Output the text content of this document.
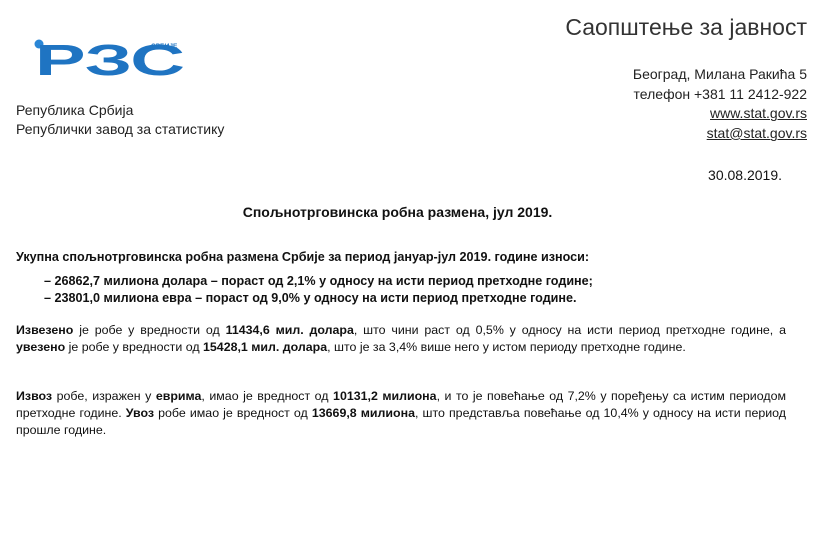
РЗС
СРБИЈЕ
Република Србија
Републички завод за статистику
Саопштење за јавност
Београд, Милана Ракића 5
телефон +381 11 2412-922
www.stat.gov.rs
stat@stat.gov.rs
30.08.2019.
Спољнотрговинска робна размена, јул 2019.
Укупна спољнотрговинска робна размена Србије за период јануар-јул 2019. године износи:
– 26862,7 милиона долара – пораст од 2,1% у односу на исти период претходне године;
– 23801,0 милиона евра – пораст од 9,0% у односу на исти период претходне године.
Извезено је робе у вредности од 11434,6 мил. долара, што чини раст од 0,5% у односу на исти период претходне године, а увезено је робе у вредности од 15428,1 мил. долара, што је за 3,4% више него у истом периоду претходне године.
Извоз робе, изражен у еврима, имао је вредност од 10131,2 милиона, и то је повећање од 7,2% у поређењу са истим периодом претходне године. Увоз робе имао је вредност од 13669,8 милиона, што представља повећање од 10,4% у односу на исти период прошле године.
